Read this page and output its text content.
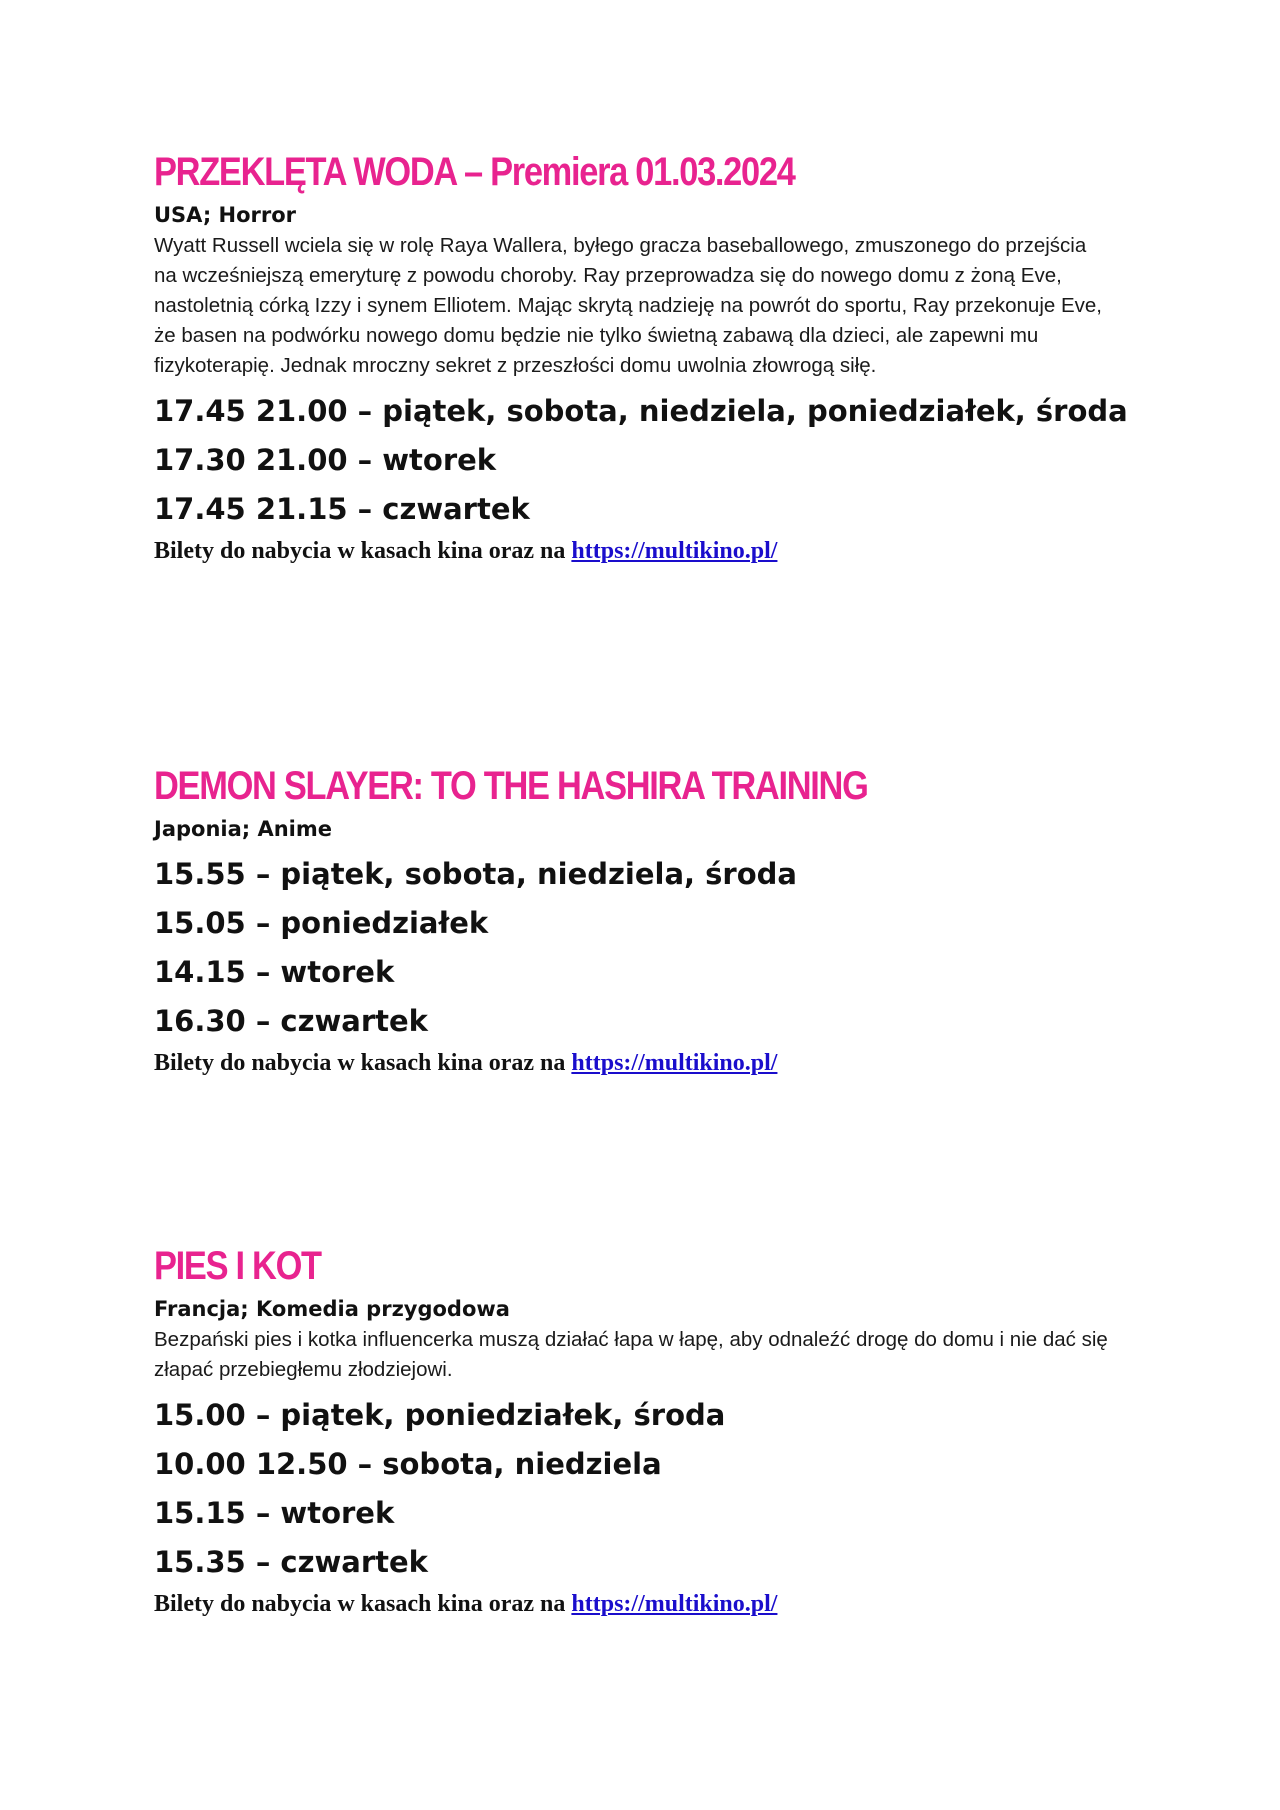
PRZEKLĘTA WODA – Premiera 01.03.2024
USA; Horror
Wyatt Russell wciela się w rolę Raya Wallera, byłego gracza baseballowego, zmuszonego do przejścia na wcześniejszą emeryturę z powodu choroby. Ray przeprowadza się do nowego domu z żoną Eve, nastoletnią córką Izzy i synem Elliotem. Mając skrytą nadzieję na powrót do sportu, Ray przekonuje Eve, że basen na podwórku nowego domu będzie nie tylko świetną zabawą dla dzieci, ale zapewni mu fizykoterapię. Jednak mroczny sekret z przeszłości domu uwolnia złowrogą siłę.
17.45 21.00 – piątek, sobota, niedziela, poniedziałek, środa
17.30 21.00 – wtorek
17.45 21.15 – czwartek
Bilety do nabycia w kasach kina oraz na https://multikino.pl/
DEMON SLAYER: TO THE HASHIRA TRAINING
Japonia; Anime
15.55 – piątek, sobota, niedziela, środa
15.05 – poniedziałek
14.15 – wtorek
16.30 – czwartek
Bilety do nabycia w kasach kina oraz na https://multikino.pl/
PIES I KOT
Francja; Komedia przygodowa
Bezpański pies i kotka influencerka muszą działać łapa w łapę, aby odnaleźć drogę do domu i nie dać się złapać przebiegłemu złodziejowi.
15.00 – piątek, poniedziałek, środa
10.00 12.50 – sobota, niedziela
15.15 – wtorek
15.35 – czwartek
Bilety do nabycia w kasach kina oraz na https://multikino.pl/
